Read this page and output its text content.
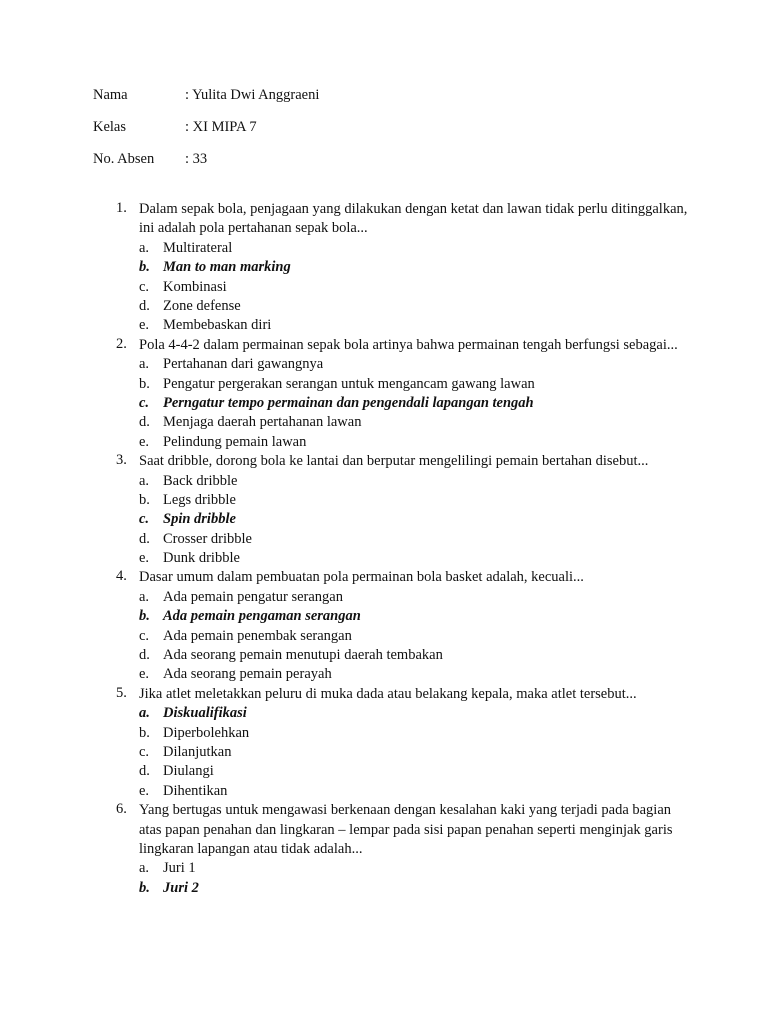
Nama	: Yulita Dwi Anggraeni
Kelas	: XI MIPA 7
No. Absen : 33
1. Dalam sepak bola, penjagaan yang dilakukan dengan ketat dan lawan tidak perlu ditinggalkan, ini adalah pola pertahanan sepak bola...
a. Multirateral
b. Man to man marking
c. Kombinasi
d. Zone defense
e. Membebaskan diri
2. Pola 4-4-2 dalam permainan sepak bola artinya bahwa permainan tengah berfungsi sebagai...
a. Pertahanan dari gawangnya
b. Pengatur pergerakan serangan untuk mengancam gawang lawan
c. Perngatur tempo permainan dan pengendali lapangan tengah
d. Menjaga daerah pertahanan lawan
e. Pelindung pemain lawan
3. Saat dribble, dorong bola ke lantai dan berputar mengelilingi pemain bertahan disebut...
a. Back dribble
b. Legs dribble
c. Spin dribble
d. Crosser dribble
e. Dunk dribble
4. Dasar umum dalam pembuatan pola permainan bola basket adalah, kecuali...
a. Ada pemain pengatur serangan
b. Ada pemain pengaman serangan
c. Ada pemain penembak serangan
d. Ada seorang pemain menutupi daerah tembakan
e. Ada seorang pemain perayah
5. Jika atlet meletakkan peluru di muka dada atau belakang kepala, maka atlet tersebut...
a. Diskualifikasi
b. Diperbolehkan
c. Dilanjutkan
d. Diulangi
e. Dihentikan
6. Yang bertugas untuk mengawasi berkenaan dengan kesalahan kaki yang terjadi pada bagian atas papan penahan dan lingkaran – lempar pada sisi papan penahan seperti menginjak garis lingkaran lapangan atau tidak adalah...
a. Juri 1
b. Juri 2
